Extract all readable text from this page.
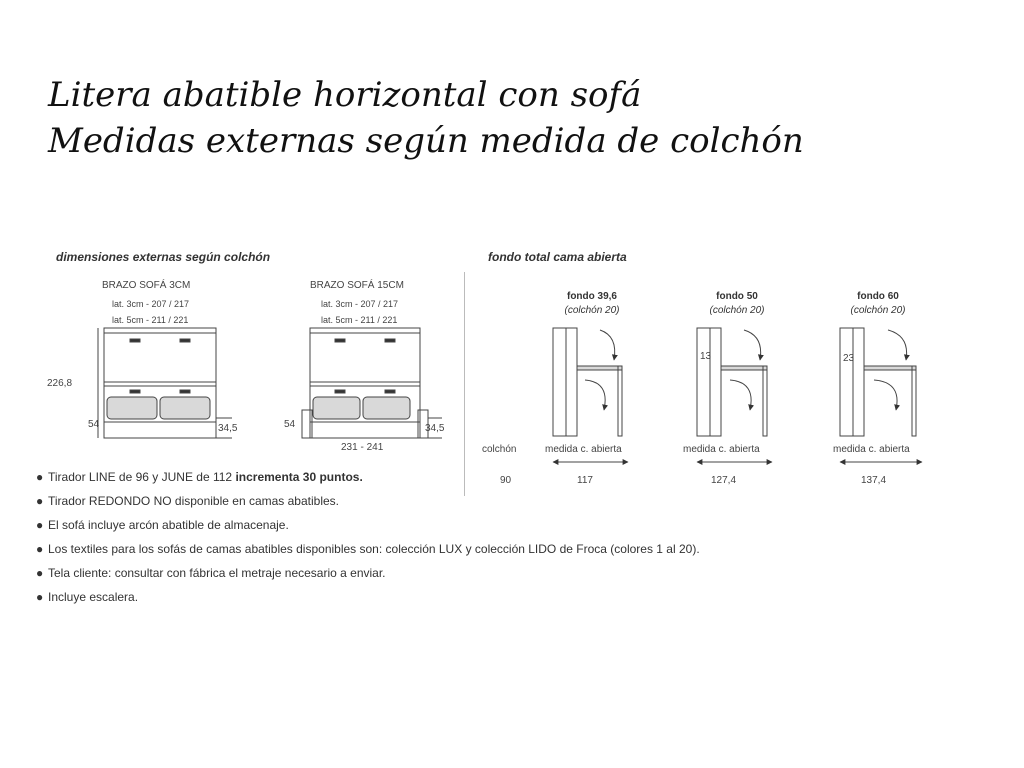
Litera abatible horizontal con sofá
Medidas externas según medida de colchón
dimensiones externas según colchón
BRAZO SOFÁ 3CM
lat. 3cm - 207 / 217
lat. 5cm - 211 / 221
BRAZO SOFÁ 15CM
lat. 3cm - 207 / 217
lat. 5cm - 211 / 221
226,8
54	34,5	54	34,5
231 - 241
fondo total cama abierta
fondo 39,6
(colchón 20)
fondo 50
(colchón 20)
fondo 60
(colchón 20)
13	23
colchón
90
medida c. abierta	medida c. abierta	medida c. abierta
117	127,4	137,4
● Tirador LINE de 96 y JUNE de 112 incrementa 30 puntos.
● Tirador REDONDO NO disponible en camas abatibles.
● El sofá incluye arcón abatible de almacenaje.
● Los textiles para los sofás de camas abatibles disponibles son: colección LUX y colección LIDO de Froca (colores 1 al 20).
● Tela cliente: consultar con fábrica el metraje necesario a enviar.
● Incluye escalera.
